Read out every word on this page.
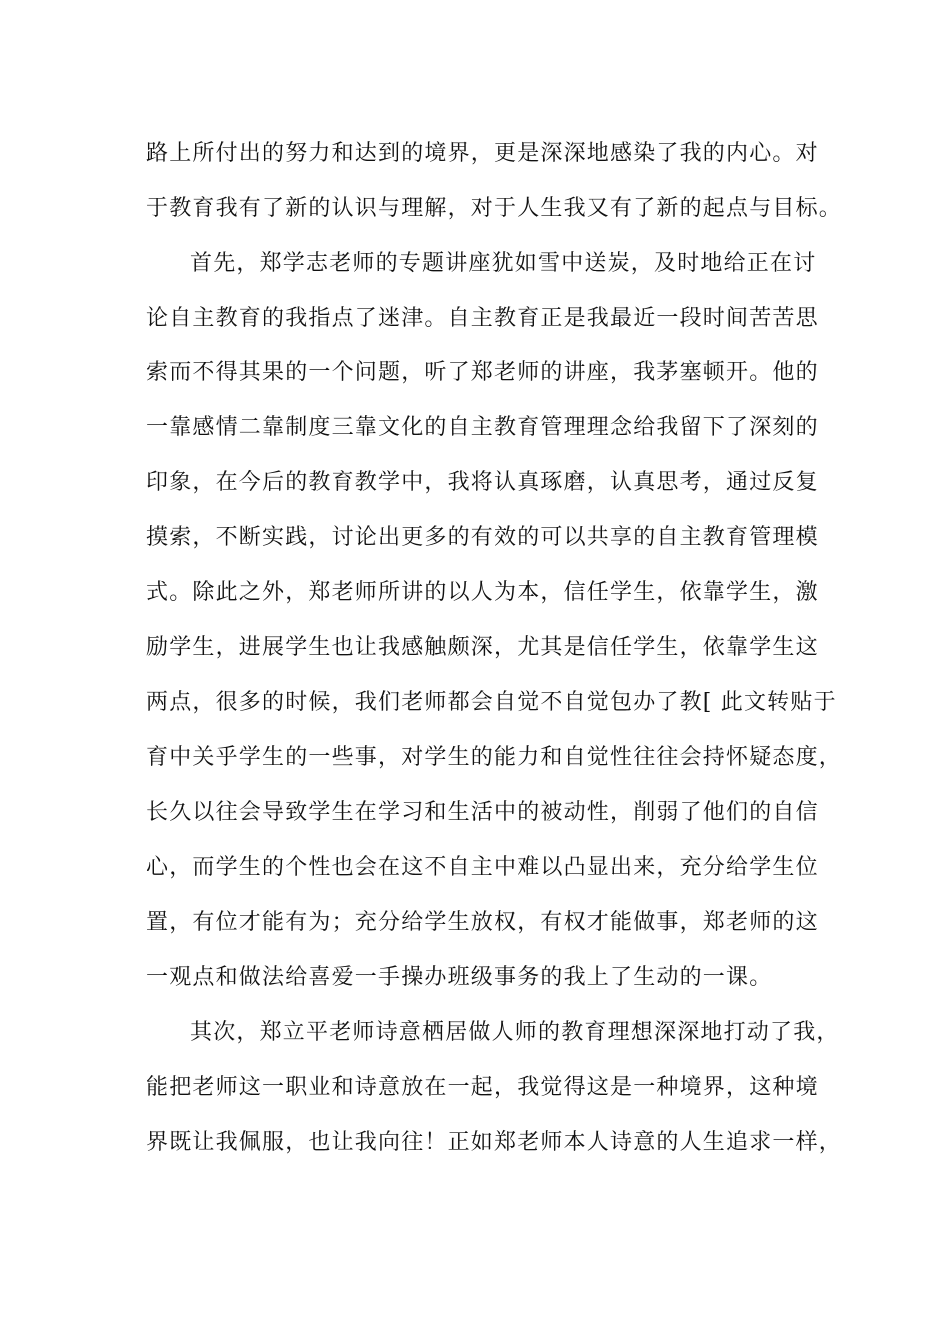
路上所付出的努力和达到的境界，更是深深地感染了我的内心。对
于教育我有了新的认识与理解，对于人生我又有了新的起点与目标。
首先，郑学志老师的专题讲座犹如雪中送炭，及时地给正在讨
论自主教育的我指点了迷津。自主教育正是我最近一段时间苦苦思
索而不得其果的一个问题，听了郑老师的讲座，我茅塞顿开。他的
一靠感情二靠制度三靠文化的自主教育管理理念给我留下了深刻的
印象，在今后的教育教学中，我将认真琢磨，认真思考，通过反复
摸索，不断实践，讨论出更多的有效的可以共享的自主教育管理模
式。除此之外，郑老师所讲的以人为本，信任学生，依靠学生，激
励学生，进展学生也让我感触颇深，尤其是信任学生，依靠学生这
两点，很多的时候，我们老师都会自觉不自觉包办了教[ 此文转贴于
育中关乎学生的一些事，对学生的能力和自觉性往往会持怀疑态度，
长久以往会导致学生在学习和生活中的被动性，削弱了他们的自信
心，而学生的个性也会在这不自主中难以凸显出来，充分给学生位
置，有位才能有为；充分给学生放权，有权才能做事，郑老师的这
一观点和做法给喜爱一手操办班级事务的我上了生动的一课。
其次，郑立平老师诗意栖居做人师的教育理想深深地打动了我，
能把老师这一职业和诗意放在一起，我觉得这是一种境界，这种境
界既让我佩服，也让我向往！正如郑老师本人诗意的人生追求一样，
